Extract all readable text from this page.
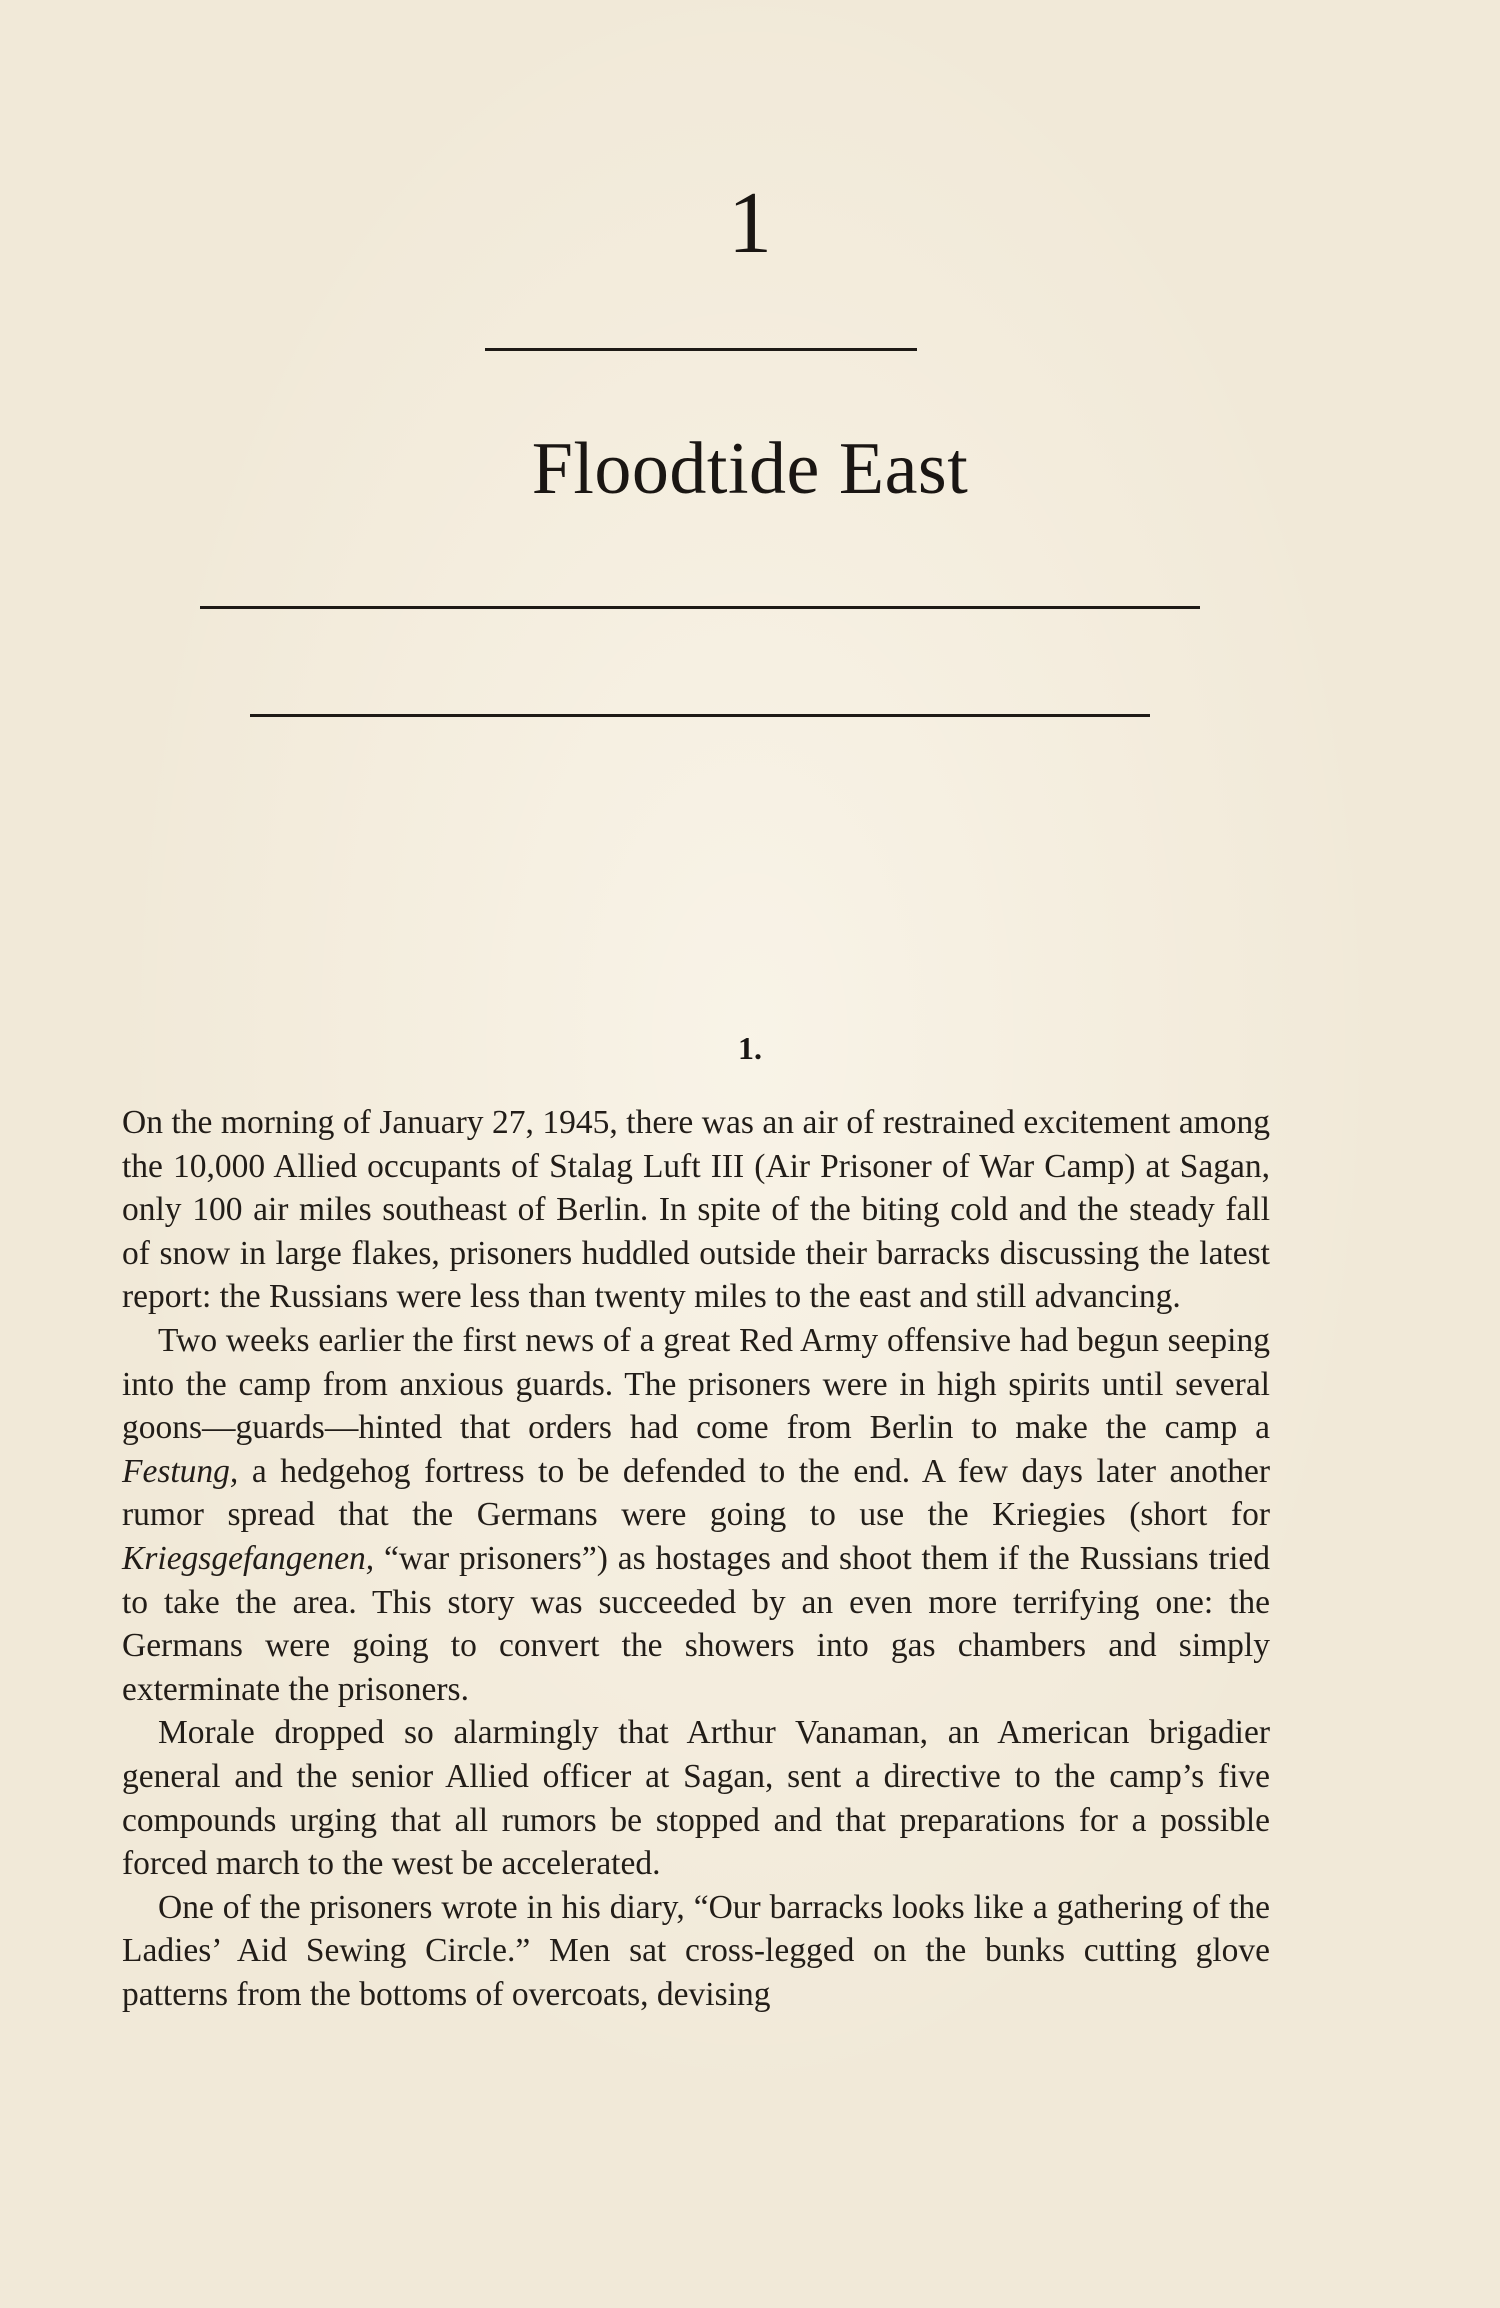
1
Floodtide East
1.

On the morning of January 27, 1945, there was an air of restrained excitement among the 10,000 Allied occupants of Stalag Luft III (Air Prisoner of War Camp) at Sagan, only 100 air miles southeast of Berlin. In spite of the biting cold and the steady fall of snow in large flakes, prisoners huddled outside their barracks discussing the latest report: the Russians were less than twenty miles to the east and still advancing.

Two weeks earlier the first news of a great Red Army offensive had begun seeping into the camp from anxious guards. The prisoners were in high spirits until several goons—guards—hinted that orders had come from Berlin to make the camp a Festung, a hedgehog fortress to be defended to the end. A few days later another rumor spread that the Germans were going to use the Kriegies (short for Kriegsgefangenen, “war prisoners”) as hostages and shoot them if the Russians tried to take the area. This story was succeeded by an even more terrifying one: the Germans were going to convert the showers into gas chambers and simply exterminate the prisoners.

Morale dropped so alarmingly that Arthur Vanaman, an American brigadier general and the senior Allied officer at Sagan, sent a directive to the camp’s five compounds urging that all rumors be stopped and that preparations for a possible forced march to the west be accelerated.

One of the prisoners wrote in his diary, “Our barracks looks like a gathering of the Ladies’ Aid Sewing Circle.” Men sat cross-legged on the bunks cutting glove patterns from the bottoms of overcoats, devising
